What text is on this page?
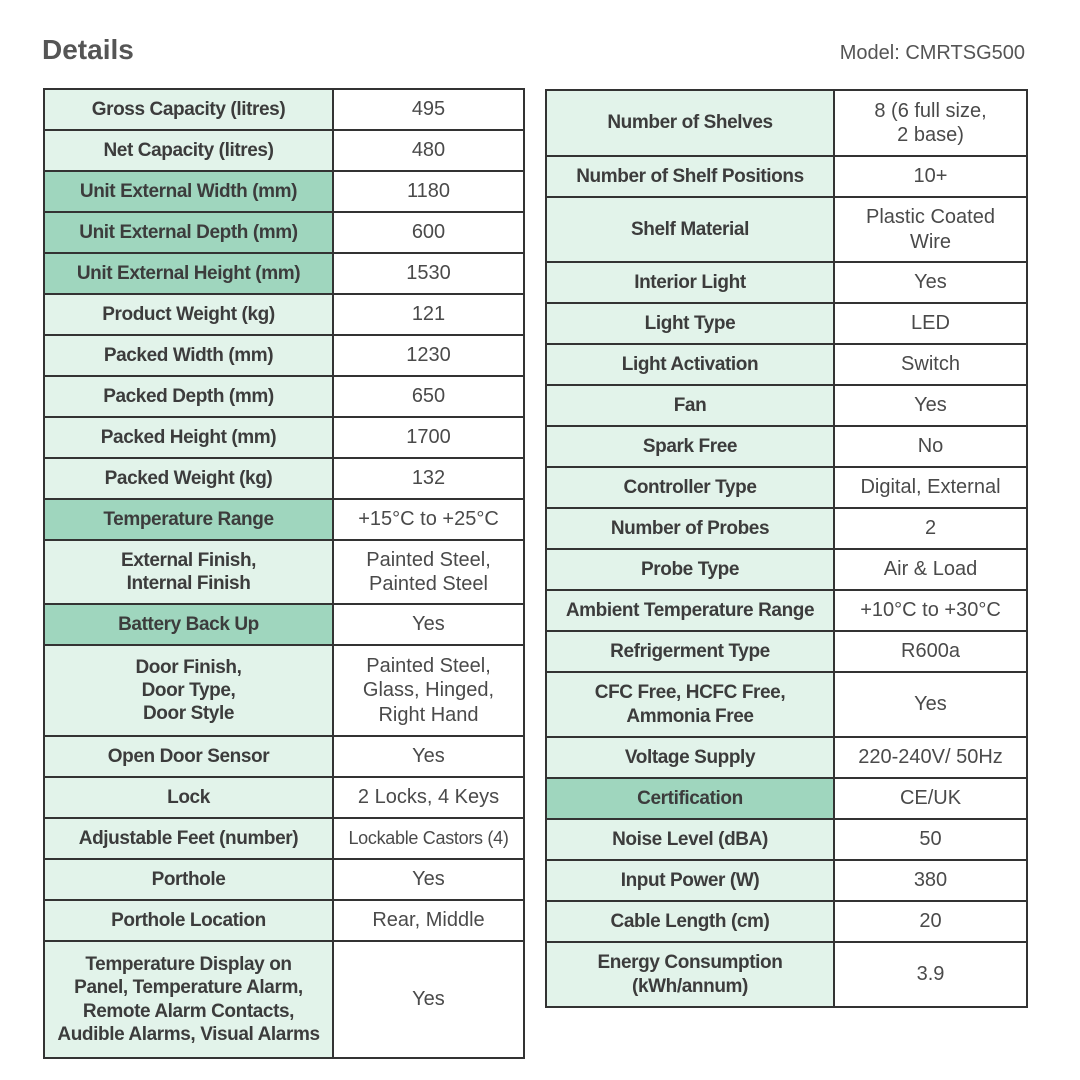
Details	Model: CMRTSG500
Gross Capacity (litres)	495
Net Capacity (litres)	480
Unit External Width (mm)	1180
Unit External Depth (mm)	600
Unit External Height (mm)	1530
Product Weight (kg)	121
Packed Width (mm)	1230
Packed Depth (mm)	650
Packed Height (mm)	1700
Packed Weight (kg)	132
Temperature Range	+15°C to +25°C
External Finish,
Internal Finish	Painted Steel,
Painted Steel
Battery Back Up	Yes
Door Finish,
Door Type,
Door Style	Painted Steel,
Glass, Hinged,
Right Hand
Open Door Sensor	Yes
Lock	2 Locks, 4 Keys
Adjustable Feet (number)	Lockable Castors (4)
Porthole	Yes
Porthole Location	Rear, Middle
Temperature Display on
Panel, Temperature Alarm,
Remote Alarm Contacts,
Audible Alarms, Visual Alarms	Yes
Number of Shelves	8 (6 full size,
2 base)
Number of Shelf Positions	10+
Shelf Material	Plastic Coated
Wire
Interior Light	Yes
Light Type	LED
Light Activation	Switch
Fan	Yes
Spark Free	No
Controller Type	Digital, External
Number of Probes	2
Probe Type	Air & Load
Ambient Temperature Range	+10°C to +30°C
Refrigerment Type	R600a
CFC Free, HCFC Free,
Ammonia Free	Yes
Voltage Supply	220-240V/ 50Hz
Certification	CE/UK
Noise Level (dBA)	50
Input Power (W)	380
Cable Length (cm)	20
Energy Consumption
(kWh/annum)	3.9
